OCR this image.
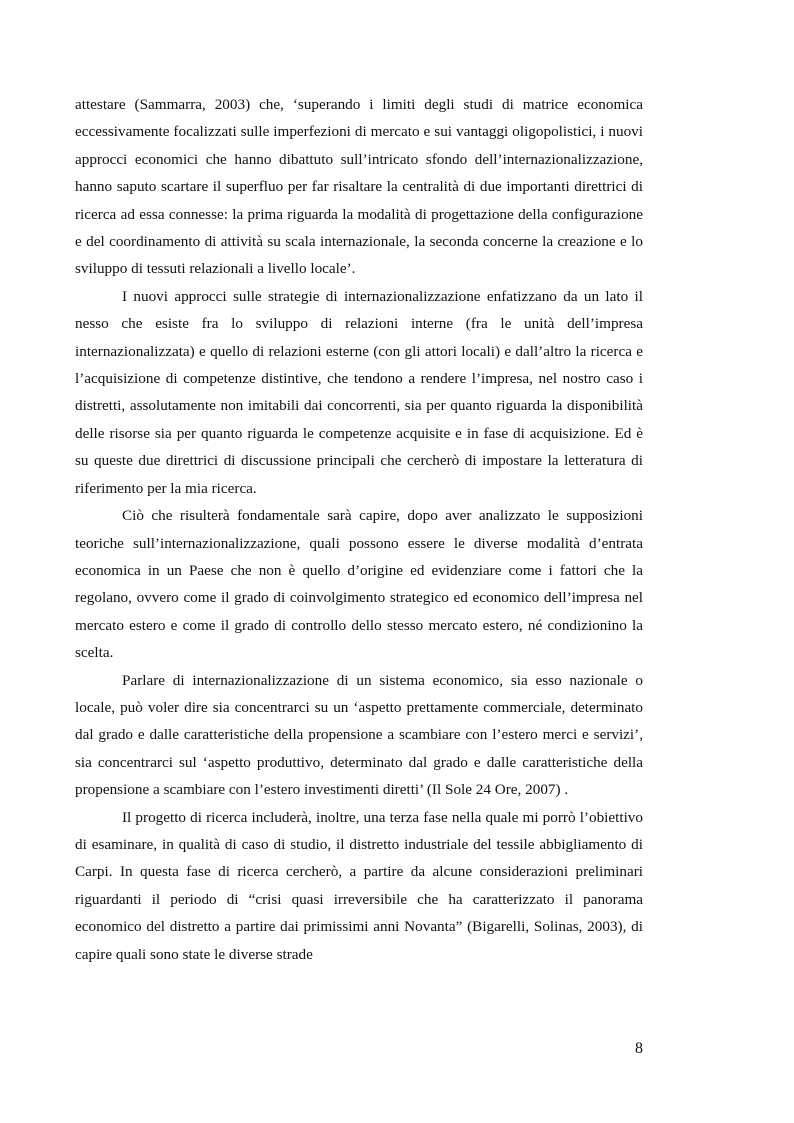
attestare (Sammarra, 2003) che, ‘superando i limiti degli studi di matrice economica eccessivamente focalizzati sulle imperfezioni di mercato e sui vantaggi oligopolistici, i nuovi approcci economici che hanno dibattuto sull’intricato sfondo dell’internazionalizzazione, hanno saputo scartare il superfluo per far risaltare la centralità di due importanti direttrici di ricerca ad essa connesse: la prima riguarda la modalità di progettazione della configurazione e del coordinamento di attività su scala internazionale, la seconda concerne la creazione e lo sviluppo di tessuti relazionali a livello locale’.

I nuovi approcci sulle strategie di internazionalizzazione enfatizzano da un lato il nesso che esiste fra lo sviluppo di relazioni interne (fra le unità dell’impresa internazionalizzata) e quello di relazioni esterne (con gli attori locali) e dall’altro la ricerca e l’acquisizione di competenze distintive, che tendono a rendere l’impresa, nel nostro caso i distretti, assolutamente non imitabili dai concorrenti, sia per quanto riguarda la disponibilità delle risorse sia per quanto riguarda le competenze acquisite e in fase di acquisizione. Ed è su queste due direttrici di discussione principali che cercherò di impostare la letteratura di riferimento per la mia ricerca.

Ciò che risulterà fondamentale sarà capire, dopo aver analizzato le supposizioni teoriche sull’internazionalizzazione, quali possono essere le diverse modalità d’entrata economica in un Paese che non è quello d’origine ed evidenziare come i fattori che la regolano, ovvero come il grado di coinvolgimento strategico ed economico dell’impresa nel mercato estero e come il grado di controllo dello stesso mercato estero, né condizionino la scelta.

Parlare di internazionalizzazione di un sistema economico, sia esso nazionale o locale, può voler dire sia concentrarci su un ‘aspetto prettamente commerciale, determinato dal grado e dalle caratteristiche della propensione a scambiare con l’estero merci e servizi’, sia concentrarci sul ‘aspetto produttivo, determinato dal grado e dalle caratteristiche della propensione a scambiare con l’estero investimenti diretti’ (Il Sole 24 Ore, 2007) .

Il progetto di ricerca includerà, inoltre, una terza fase nella quale mi porrò l’obiettivo di esaminare, in qualità di caso di studio, il distretto industriale del tessile abbigliamento di Carpi. In questa fase di ricerca cercherò, a partire da alcune considerazioni preliminari riguardanti il periodo di “crisi quasi irreversibile che ha caratterizzato il panorama economico del distretto a partire dai primissimi anni Novanta” (Bigarelli, Solinas, 2003), di capire quali sono state le diverse strade

8
